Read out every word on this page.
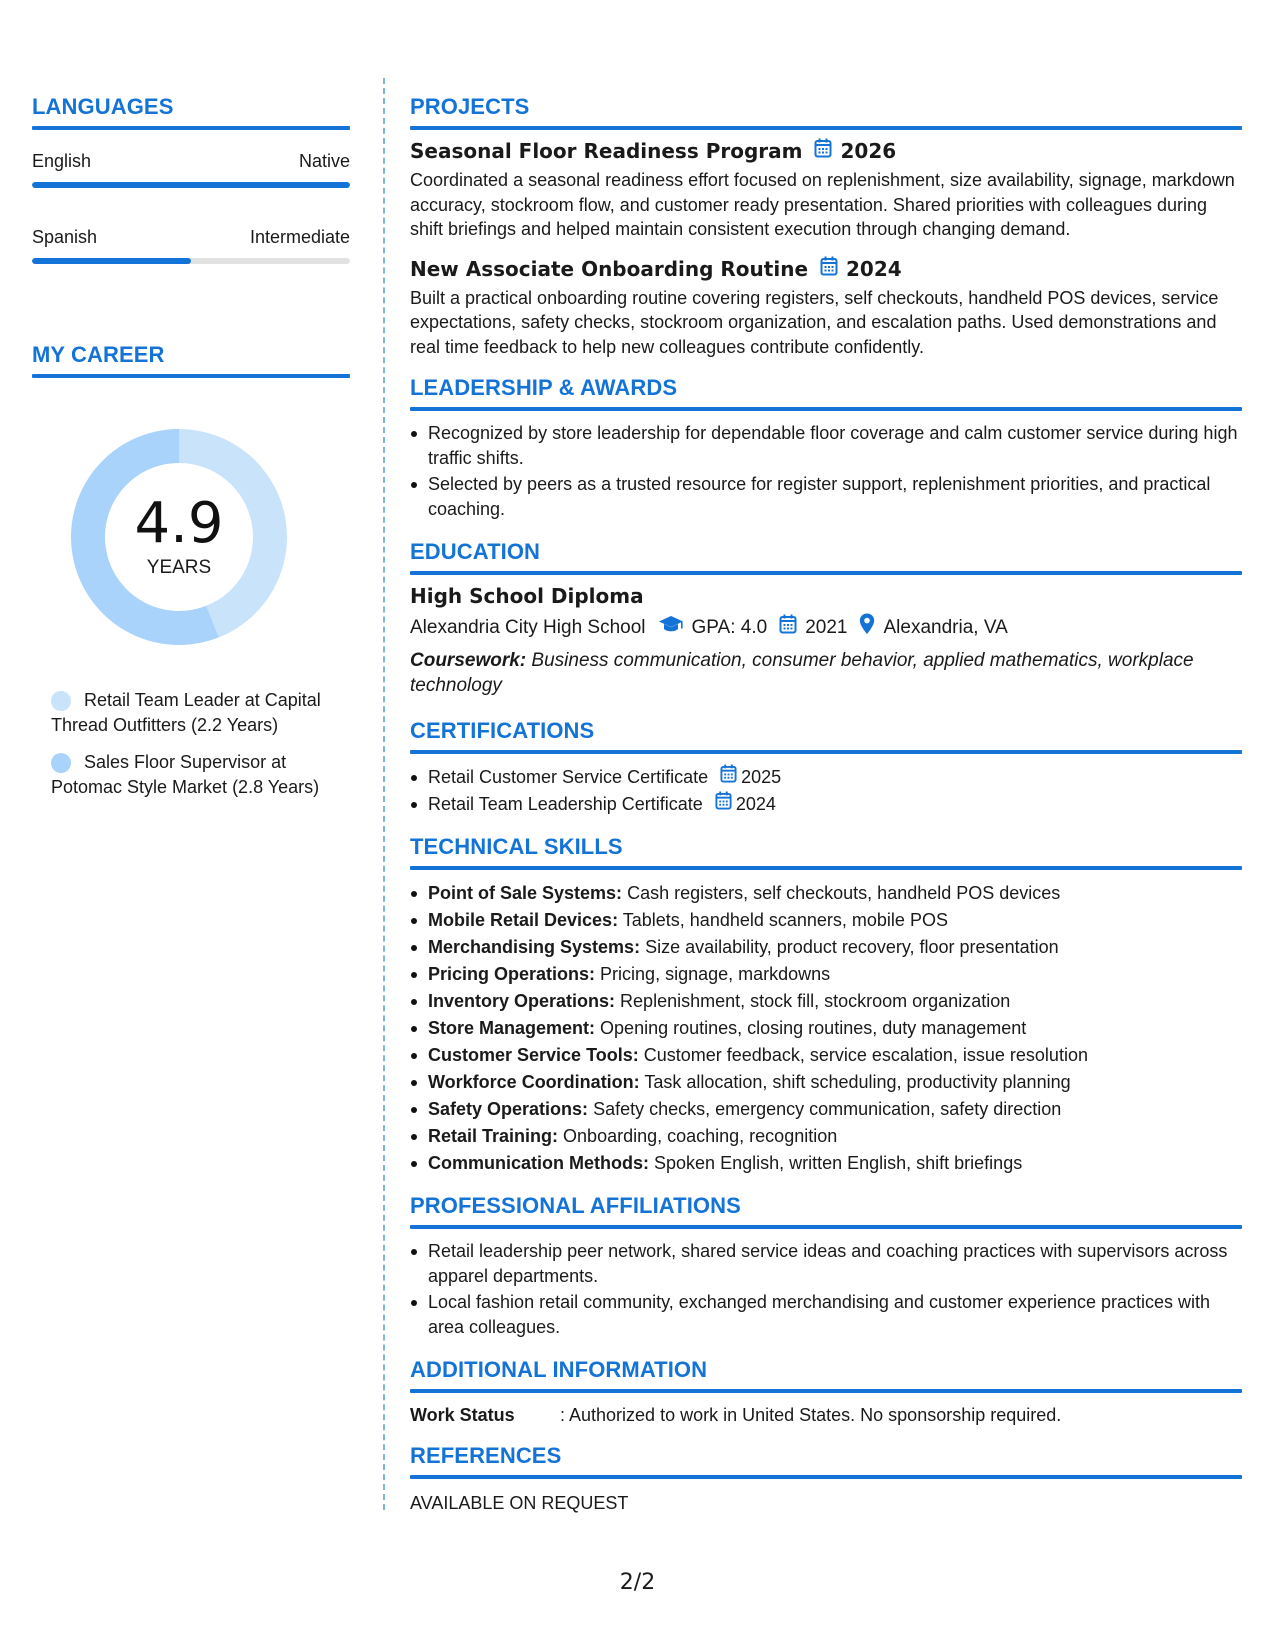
LANGUAGES
English	Native
Spanish	Intermediate
MY CAREER
4.9
YEARS
Retail Team Leader at Capital Thread Outfitters (2.2 Years)
Sales Floor Supervisor at Potomac Style Market (2.8 Years)
PROJECTS
Seasonal Floor Readiness Program 2026
Coordinated a seasonal readiness effort focused on replenishment, size availability, signage, markdown accuracy, stockroom flow, and customer ready presentation. Shared priorities with colleagues during shift briefings and helped maintain consistent execution through changing demand.
New Associate Onboarding Routine 2024
Built a practical onboarding routine covering registers, self checkouts, handheld POS devices, service expectations, safety checks, stockroom organization, and escalation paths. Used demonstrations and real time feedback to help new colleagues contribute confidently.
LEADERSHIP & AWARDS
Recognized by store leadership for dependable floor coverage and calm customer service during high traffic shifts.
Selected by peers as a trusted resource for register support, replenishment priorities, and practical coaching.
EDUCATION
High School Diploma
Alexandria City High School GPA: 4.0 2021 Alexandria, VA
Coursework: Business communication, consumer behavior, applied mathematics, workplace technology
CERTIFICATIONS
Retail Customer Service Certificate 2025
Retail Team Leadership Certificate 2024
TECHNICAL SKILLS
Point of Sale Systems: Cash registers, self checkouts, handheld POS devices
Mobile Retail Devices: Tablets, handheld scanners, mobile POS
Merchandising Systems: Size availability, product recovery, floor presentation
Pricing Operations: Pricing, signage, markdowns
Inventory Operations: Replenishment, stock fill, stockroom organization
Store Management: Opening routines, closing routines, duty management
Customer Service Tools: Customer feedback, service escalation, issue resolution
Workforce Coordination: Task allocation, shift scheduling, productivity planning
Safety Operations: Safety checks, emergency communication, safety direction
Retail Training: Onboarding, coaching, recognition
Communication Methods: Spoken English, written English, shift briefings
PROFESSIONAL AFFILIATIONS
Retail leadership peer network, shared service ideas and coaching practices with supervisors across apparel departments.
Local fashion retail community, exchanged merchandising and customer experience practices with area colleagues.
ADDITIONAL INFORMATION
Work Status	: Authorized to work in United States. No sponsorship required.
REFERENCES
AVAILABLE ON REQUEST
2/2
